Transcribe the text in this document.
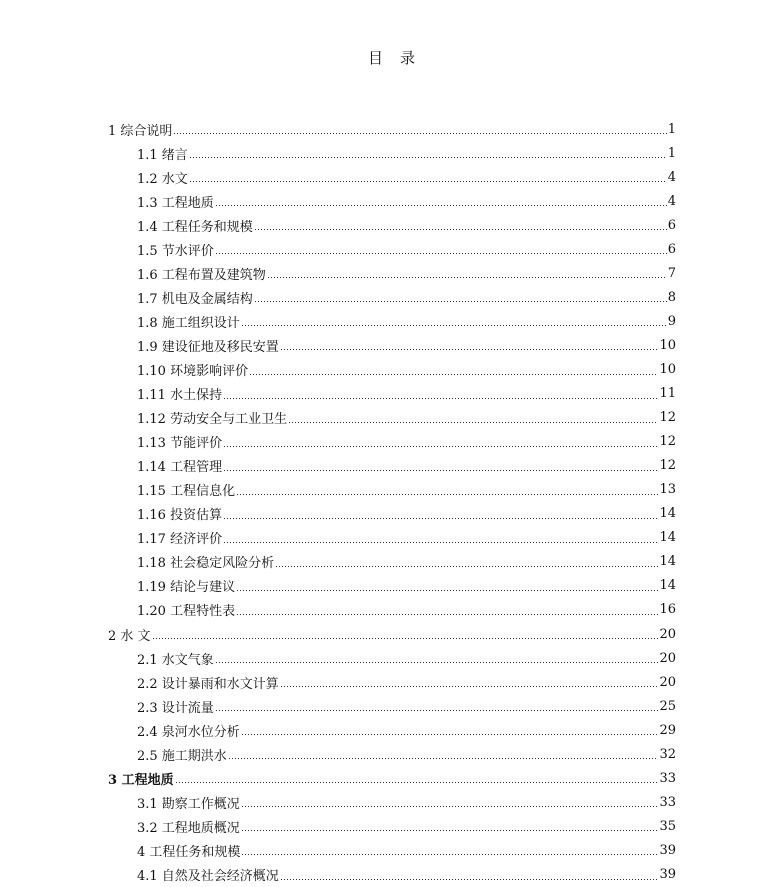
目　录
1 综合说明	1
1.1 绪言	1
1.2 水文	4
1.3 工程地质	4
1.4 工程任务和规模	6
1.5 节水评价	6
1.6 工程布置及建筑物	7
1.7 机电及金属结构	8
1.8 施工组织设计	9
1.9 建设征地及移民安置	10
1.10 环境影响评价	10
1.11 水土保持	11
1.12 劳动安全与工业卫生	12
1.13 节能评价	12
1.14 工程管理	12
1.15 工程信息化	13
1.16 投资估算	14
1.17 经济评价	14
1.18 社会稳定风险分析	14
1.19 结论与建议	14
1.20 工程特性表	16
2 水 文	20
2.1 水文气象	20
2.2 设计暴雨和水文计算	20
2.3 设计流量	25
2.4 泉河水位分析	29
2.5 施工期洪水	32
3 工程地质	33
3.1 勘察工作概况	33
3.2 工程地质概况	35
4 工程任务和规模	39
4.1 自然及社会经济概况	39
